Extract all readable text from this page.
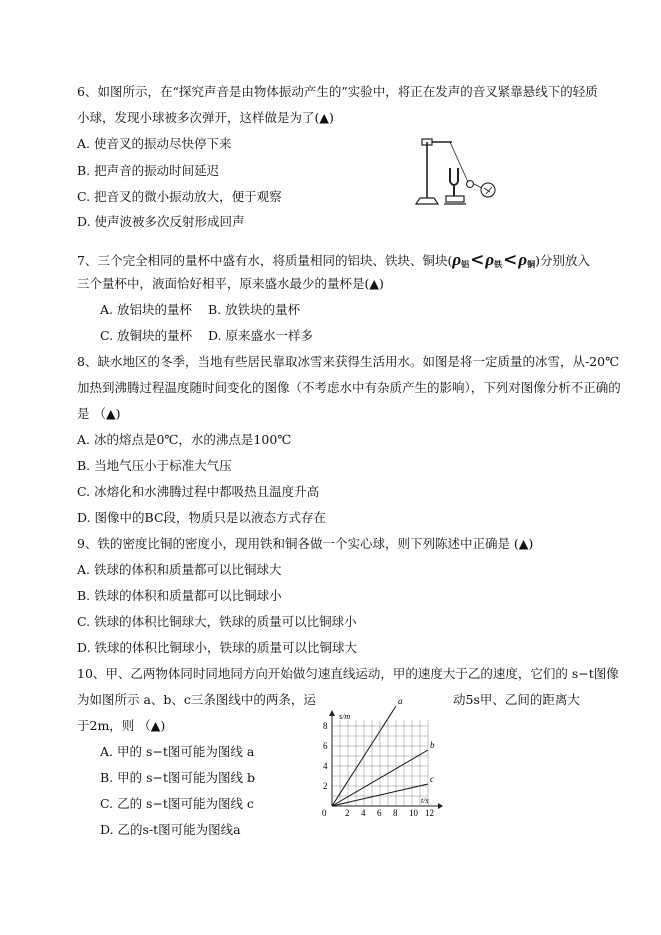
6、如图所示，在“探究声音是由物体振动产生的”实验中，将正在发声的音叉紧靠悬线下的轻质
小球，发现小球被多次弹开，这样做是为了(▲)
A. 使音叉的振动尽快停下来
B. 把声音的振动时间延迟
C. 把音叉的微小振动放大，便于观察
D. 使声波被多次反射形成回声
7、三个完全相同的量杯中盛有水，将质量相同的铝块、铁块、铜块$(\rho_铝<\rho_铁<\rho_铜)$分别放入
三个量杯中，液面恰好相平，原来盛水最少的量杯是(▲)
A. 放铝块的量杯 B. 放铁块的量杯
C. 放铜块的量杯 D. 原来盛水一样多
8、缺水地区的冬季，当地有些居民靠取冰雪来获得生活用水。如图是将一定质量的冰雪，从-20℃
加热到沸腾过程温度随时间变化的图像（不考虑水中有杂质产生的影响），下列对图像分析不正确的
是 （▲)
A. 冰的熔点是0℃，水的沸点是100℃
B. 当地气压小于标准大气压
C. 冰熔化和水沸腾过程中都吸热且温度升高
D. 图像中的BC段，物质只是以液态方式存在
9、铁的密度比铜的密度小，现用铁和铜各做一个实心球，则下列陈述中正确是 (▲)
A. 铁球的体积和质量都可以比铜球大
B. 铁球的体积和质量都可以比铜球小
C. 铁球的体积比铜球大，铁球的质量可以比铜球小
D. 铁球的体积比铜球小，铁球的质量可以比铜球大
10、甲、乙两物体同时同地同方向开始做匀速直线运动，甲的速度大于乙的速度，它们的 s−t图像
为如图所示 a、b、c三条图线中的两条，运	动5s甲、乙间的距离大
于2m，则 （▲)
A. 甲的 s−t图可能为图线 a
B. 甲的 s−t图可能为图线 b
C. 乙的 s−t图可能为图线 c
D. 乙的s-t图可能为图线a
2 4 6 8 10 12
2
4
6
8
a
b
c
s/m
t/s
0
